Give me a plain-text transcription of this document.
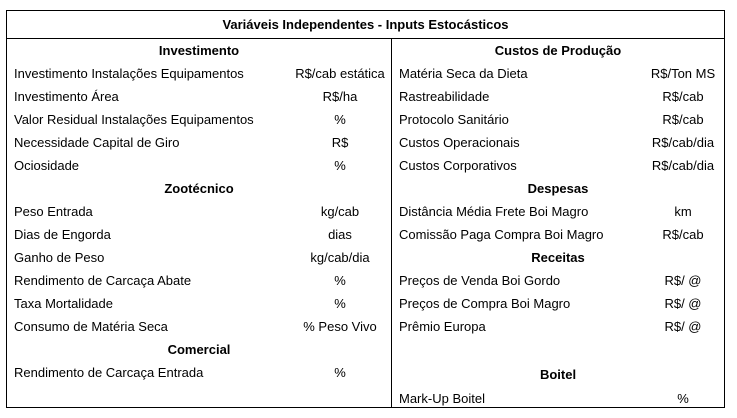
Variáveis Independentes - Inputs Estocásticos
Investimento
Investimento Instalações Equipamentos	R$/cab estática
Investimento Área	R$/ha
Valor Residual Instalações Equipamentos	%
Necessidade Capital de Giro	R$
Ociosidade	%
Zootécnico
Peso Entrada	kg/cab
Dias de Engorda	dias
Ganho de Peso	kg/cab/dia
Rendimento de Carcaça Abate	%
Taxa Mortalidade	%
Consumo de Matéria Seca	% Peso Vivo
Comercial
Rendimento de Carcaça Entrada	%
Custos de Produção
Matéria Seca da Dieta	R$/Ton MS
Rastreabilidade	R$/cab
Protocolo Sanitário	R$/cab
Custos Operacionais	R$/cab/dia
Custos Corporativos	R$/cab/dia
Despesas
Distância Média Frete Boi Magro	km
Comissão Paga Compra Boi Magro	R$/cab
Receitas
Preços de Venda Boi Gordo	R$/ @
Preços de Compra Boi Magro	R$/ @
Prêmio Europa	R$/ @
Boitel
Mark-Up Boitel	%
